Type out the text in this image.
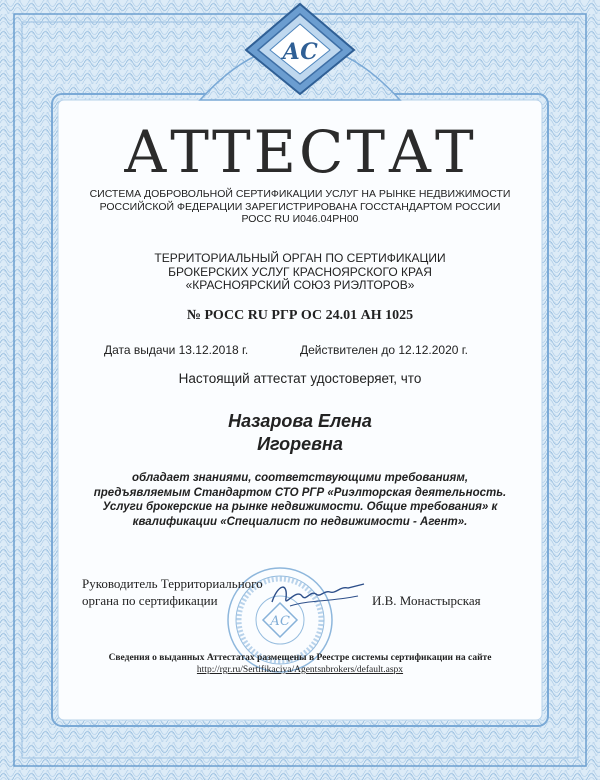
АС
АТТЕСТАТ
СИСТЕМА ДОБРОВОЛЬНОЙ СЕРТИФИКАЦИИ УСЛУГ НА РЫНКЕ НЕДВИЖИМОСТИ
РОССИЙСКОЙ ФЕДЕРАЦИИ ЗАРЕГИСТРИРОВАНА ГОССТАНДАРТОМ РОССИИ
РОСС RU И046.04РН00
ТЕРРИТОРИАЛЬНЫЙ ОРГАН ПО СЕРТИФИКАЦИИ
БРОКЕРСКИХ УСЛУГ КРАСНОЯРСКОГО КРАЯ
«КРАСНОЯРСКИЙ СОЮЗ РИЭЛТОРОВ»
№ РОСС RU РГР ОС 24.01 АН 1025
Дата выдачи 13.12.2018 г.	Действителен до 12.12.2020 г.
Настоящий аттестат удостоверяет, что
Назарова Елена
Игоревна
обладает знаниями, соответствующими требованиям,
предъявляемым Стандартом СТО РГР «Риэлторская деятельность.
Услуги брокерские на рынке недвижимости. Общие требования» к
квалификации «Специалист по недвижимости - Агент».
АС
Руководитель Территориального
органа по сертификации	И.В. Монастырская
Сведения о выданных Аттестатах размещены в Реестре системы сертификации на сайте
http://rgr.ru/Sertifikaciya/Agentsnbrokers/default.aspx
